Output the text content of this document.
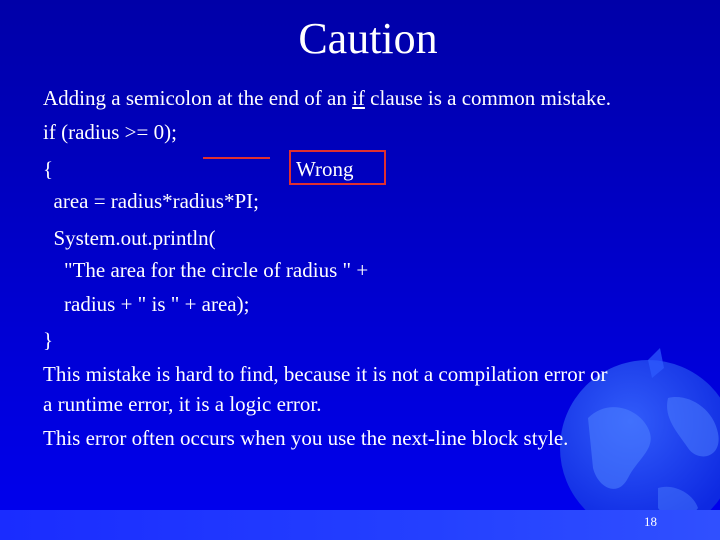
18
Caution
Adding a semicolon at the end of an if clause is a common mistake.
if (radius >= 0);
{
area = radius*radius*PI;
System.out.println(
"The area for the circle of radius " +
radius + " is " + area);
}
Wrong
This mistake is hard to find, because it is not a compilation error or
a runtime error, it is a logic error.
This error often occurs when you use the next-line block style.
